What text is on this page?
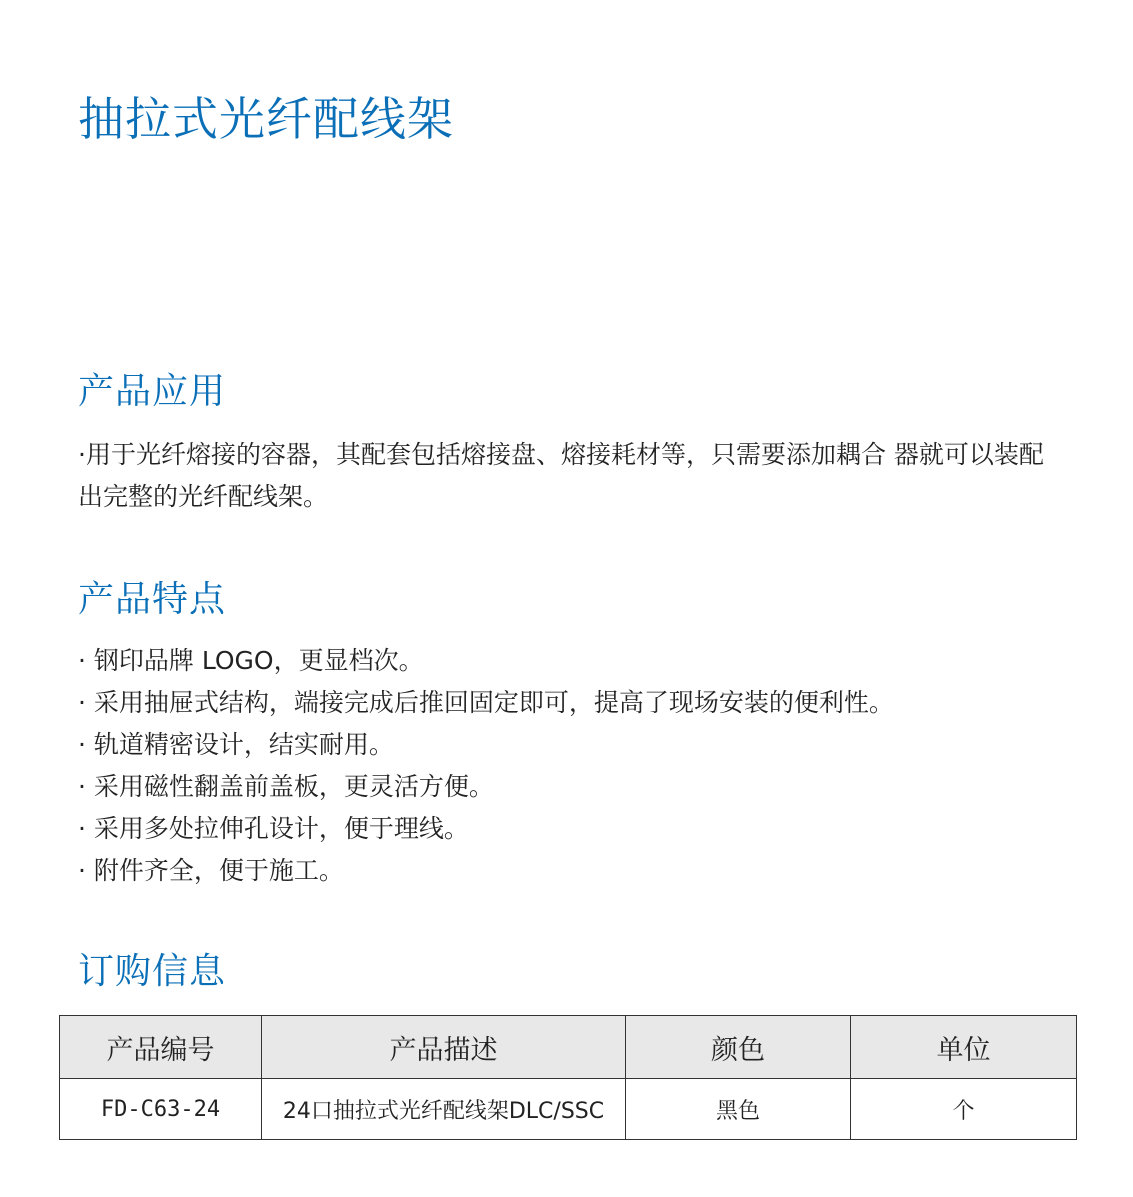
抽拉式光纤配线架
产品应用

·用于光纤熔接的容器，其配套包括熔接盘、熔接耗材等，只需要添加耦合 器就可以装配出完整的光纤配线架。

产品特点
· 钢印品牌 LOGO，更显档次。
· 采用抽屉式结构，端接完成后推回固定即可，提高了现场安装的便利性。
· 轨道精密设计，结实耐用。
· 采用磁性翻盖前盖板，更灵活方便。
· 采用多处拉伸孔设计，便于理线。
· 附件齐全，便于施工。
订购信息
产品编号	产品描述	颜色	单位
FD-C63-24	24口抽拉式光纤配线架DLC/SSC	黑色	个
